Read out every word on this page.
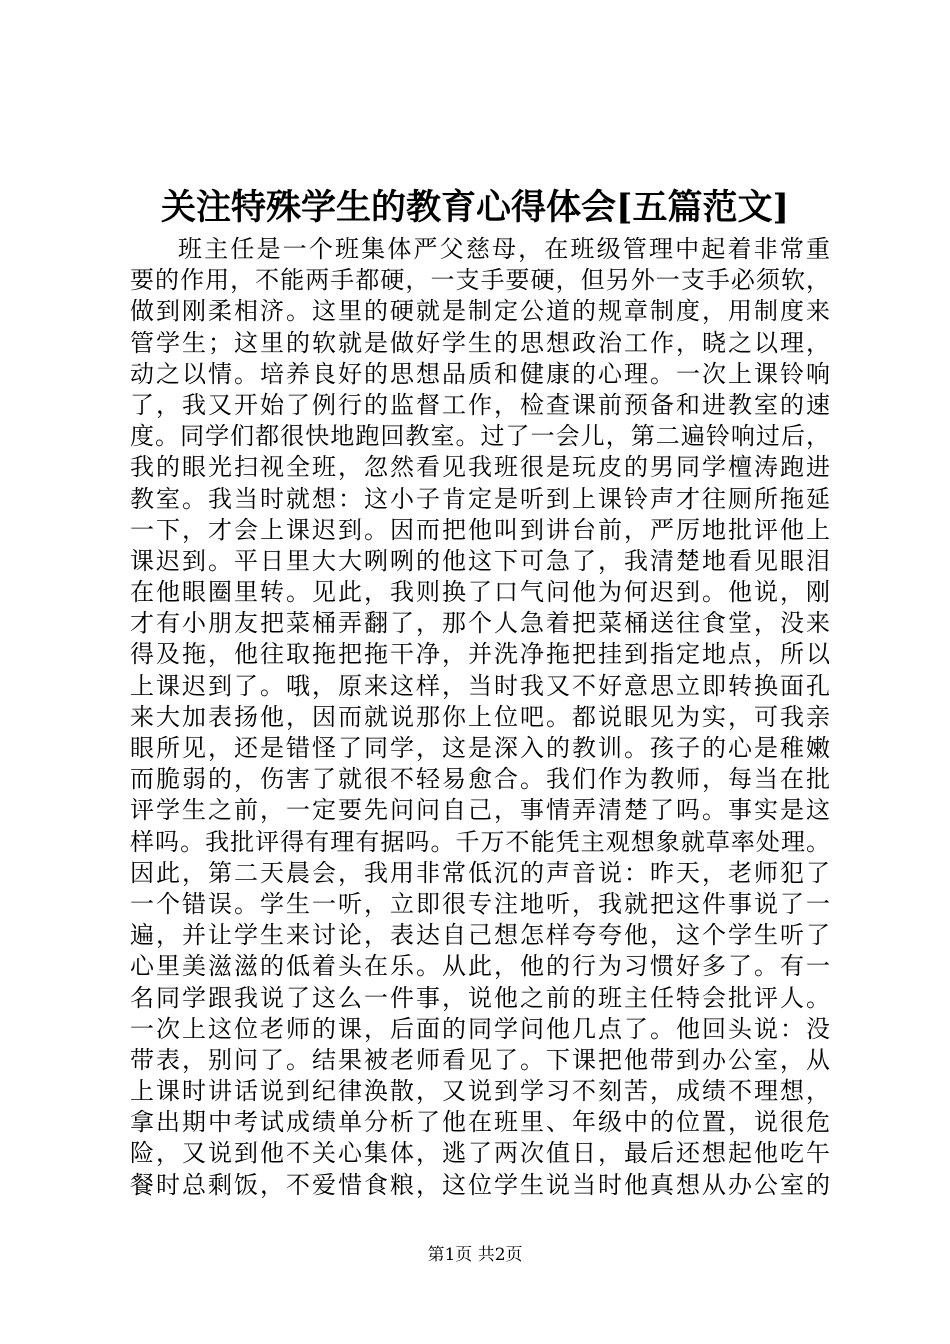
关注特殊学生的教育心得体会[五篇范文]
班主任是一个班集体严父慈母，在班级管理中起着非常重
要的作用，不能两手都硬，一支手要硬，但另外一支手必须软，
做到刚柔相济。这里的硬就是制定公道的规章制度，用制度来
管学生；这里的软就是做好学生的思想政治工作，晓之以理，
动之以情。培养良好的思想品质和健康的心理。一次上课铃响
了，我又开始了例行的监督工作，检查课前预备和进教室的速
度。同学们都很快地跑回教室。过了一会儿，第二遍铃响过后，
我的眼光扫视全班，忽然看见我班很是玩皮的男同学檀涛跑进
教室。我当时就想：这小子肯定是听到上课铃声才往厕所拖延
一下，才会上课迟到。因而把他叫到讲台前，严厉地批评他上
课迟到。平日里大大咧咧的他这下可急了，我清楚地看见眼泪
在他眼圈里转。见此，我则换了口气问他为何迟到。他说，刚
才有小朋友把菜桶弄翻了，那个人急着把菜桶送往食堂，没来
得及拖，他往取拖把拖干净，并洗净拖把挂到指定地点，所以
上课迟到了。哦，原来这样，当时我又不好意思立即转换面孔
来大加表扬他，因而就说那你上位吧。都说眼见为实，可我亲
眼所见，还是错怪了同学，这是深入的教训。孩子的心是稚嫩
而脆弱的，伤害了就很不轻易愈合。我们作为教师，每当在批
评学生之前，一定要先问问自己，事情弄清楚了吗。事实是这
样吗。我批评得有理有据吗。千万不能凭主观想象就草率处理。
因此，第二天晨会，我用非常低沉的声音说：昨天，老师犯了
一个错误。学生一听，立即很专注地听，我就把这件事说了一
遍，并让学生来讨论，表达自己想怎样夸夸他，这个学生听了
心里美滋滋的低着头在乐。从此，他的行为习惯好多了。有一
名同学跟我说了这么一件事，说他之前的班主任特会批评人。
一次上这位老师的课，后面的同学问他几点了。他回头说：没
带表，别问了。结果被老师看见了。下课把他带到办公室，从
上课时讲话说到纪律涣散，又说到学习不刻苦，成绩不理想，
拿出期中考试成绩单分析了他在班里、年级中的位置，说很危
险，又说到他不关心集体，逃了两次值日，最后还想起他吃午
餐时总剩饭，不爱惜食粮，这位学生说当时他真想从办公室的
第1页 共2页
